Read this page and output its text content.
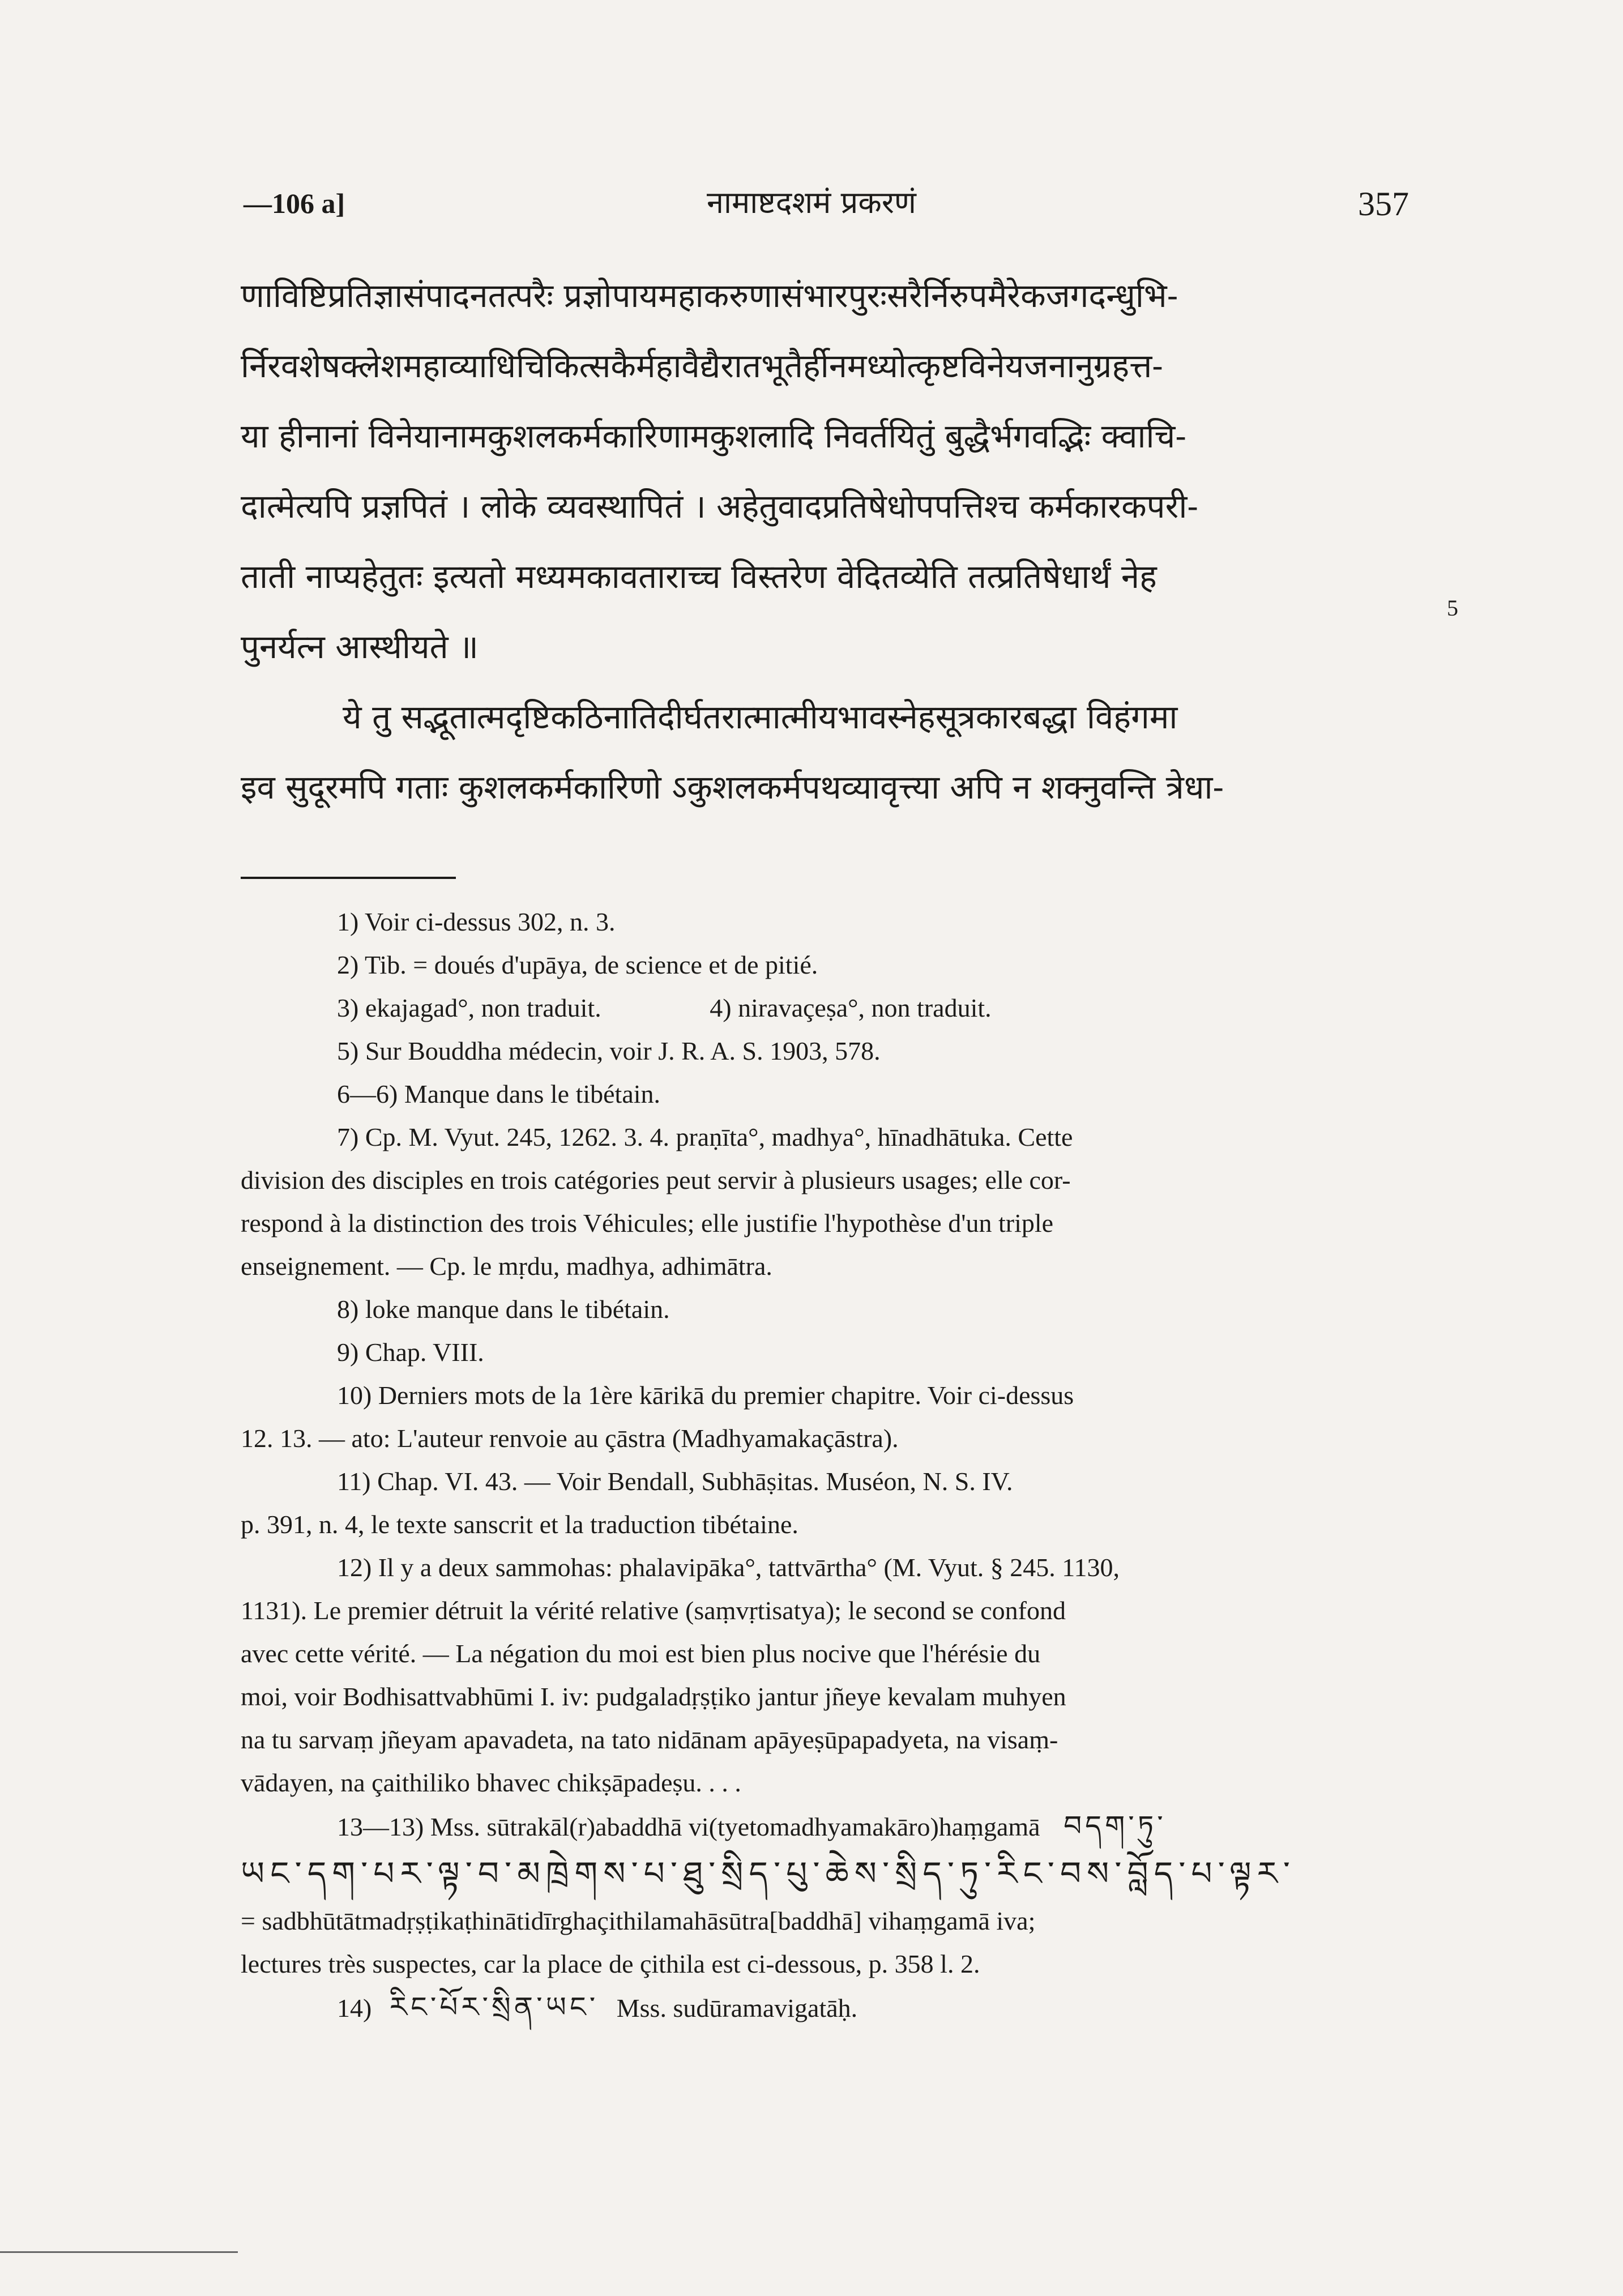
—106 a]	नामाष्टदशमं प्रकरणं	357
णाविष्टिप्रतिज्ञासंपादनतत्परैः प्रज्ञोपायमहाकरुणासंभारपुरःसरैर्निरुपमैरेकजगदन्धुभि-
र्निरवशेषक्लेशमहाव्याधिचिकित्सकैर्महावैद्यैरातभूतैर्हीनमध्योत्कृष्टविनेयजनानुग्रहत्त-
या हीनानां विनेयानामकुशलकर्मकारिणामकुशलादि निवर्तयितुं बुद्धैर्भगवद्भिः क्वाचि-
दात्मेत्यपि प्रज्ञपितं । लोके व्यवस्थापितं । अहेतुवादप्रतिषेधोपपत्तिश्च कर्मकारकपरी-
ताती नाप्यहेतुतः इत्यतो मध्यमकावताराच्च विस्तरेण वेदितव्येति तत्प्रतिषेधार्थं नेह
पुनर्यत्न आस्थीयते ॥
ये तु सद्भूतात्मदृष्टिकठिनातिदीर्घतरात्मात्मीयभावस्नेहसूत्रकारबद्धा विहंगमा
इव सुदूरमपि गताः कुशलकर्मकारिणो ऽकुशलकर्मपथव्यावृत्त्या अपि न शक्नुवन्ति त्रेधा-
5
1) Voir ci-dessus 302, n. 3.
2) Tib. = doués d'upāya, de science et de pitié.
3) ekajagad°, non traduit.	4) niravaçeṣa°, non traduit.
5) Sur Bouddha médecin, voir J. R. A. S. 1903, 578.
6—6) Manque dans le tibétain.
7) Cp. M. Vyut. 245, 1262. 3. 4. praṇīta°, madhya°, hīnadhātuka. Cette
division des disciples en trois catégories peut servir à plusieurs usages; elle cor-
respond à la distinction des trois Véhicules; elle justifie l'hypothèse d'un triple
enseignement. — Cp. le mṛdu, madhya, adhimātra.
8) loke manque dans le tibétain.
9) Chap. VIII.
10) Derniers mots de la 1ère kārikā du premier chapitre. Voir ci-dessus
12. 13. — ato: L'auteur renvoie au çāstra (Madhyamakaçāstra).
11) Chap. VI. 43. — Voir Bendall, Subhāṣitas. Muséon, N. S. IV.
p. 391, n. 4, le texte sanscrit et la traduction tibétaine.
12) Il y a deux sammohas: phalavipāka°, tattvārtha° (M. Vyut. § 245. 1130,
1131). Le premier détruit la vérité relative (saṃvṛtisatya); le second se confond
avec cette vérité. — La négation du moi est bien plus nocive que l'hérésie du
moi, voir Bodhisattvabhūmi I. iv: pudgaladṛṣṭiko jantur jñeye kevalam muhyen
na tu sarvaṃ jñeyam apavadeta, na tato nidānam apāyeṣūpapadyeta, na visaṃ-
vādayen, na çaithiliko bhavec chikṣāpadeṣu. . . .
13—13) Mss. sūtrakāl(r)abaddhā vi(tyetomadhyamakāro)haṃgamā བདག་ཏུ་
ཡང་དག་པར་ལྟ་བ་མཁྲེགས་པ་ཐུ་སྲིད་པུ་ཆེས་སྲིད་ཏུ་རིང་བས་བློད་པ་ལྟར་
= sadbhūtātmadṛṣṭikaṭhinātidīrghaçithilamahāsūtra[baddhā] vihaṃgamā iva;
lectures très suspectes, car la place de çithila est ci-dessous, p. 358 l. 2.
14) རིང་པོར་སྲིན་ཡང་ Mss. sudūramavigatāḥ.
